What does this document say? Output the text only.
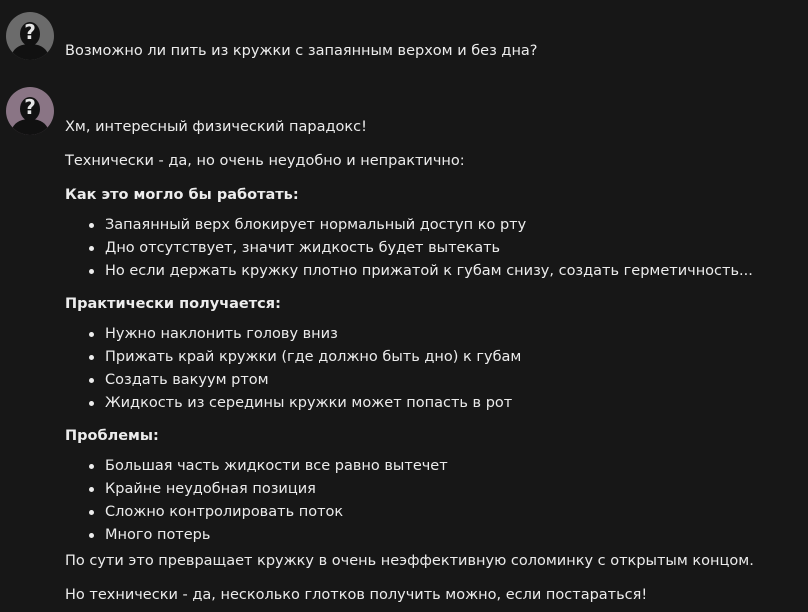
?
Возможно ли пить из кружки с запаянным верхом и без дна?
?

Хм, интересный физический парадокс!

Технически - да, но очень неудобно и непрактично:

Как это могло бы работать:

Запаянный верх блокирует нормальный доступ ко рту
Дно отсутствует, значит жидкость будет вытекать
Но если держать кружку плотно прижатой к губам снизу, создать герметичность...

Практически получается:

Нужно наклонить голову вниз
Прижать край кружки (где должно быть дно) к губам
Создать вакуум ртом
Жидкость из середины кружки может попасть в рот

Проблемы:

Большая часть жидкости все равно вытечет
Крайне неудобная позиция
Сложно контролировать поток
Много потерь

По сути это превращает кружку в очень неэффективную соломинку с открытым концом.

Но технически - да, несколько глотков получить можно, если постараться!
